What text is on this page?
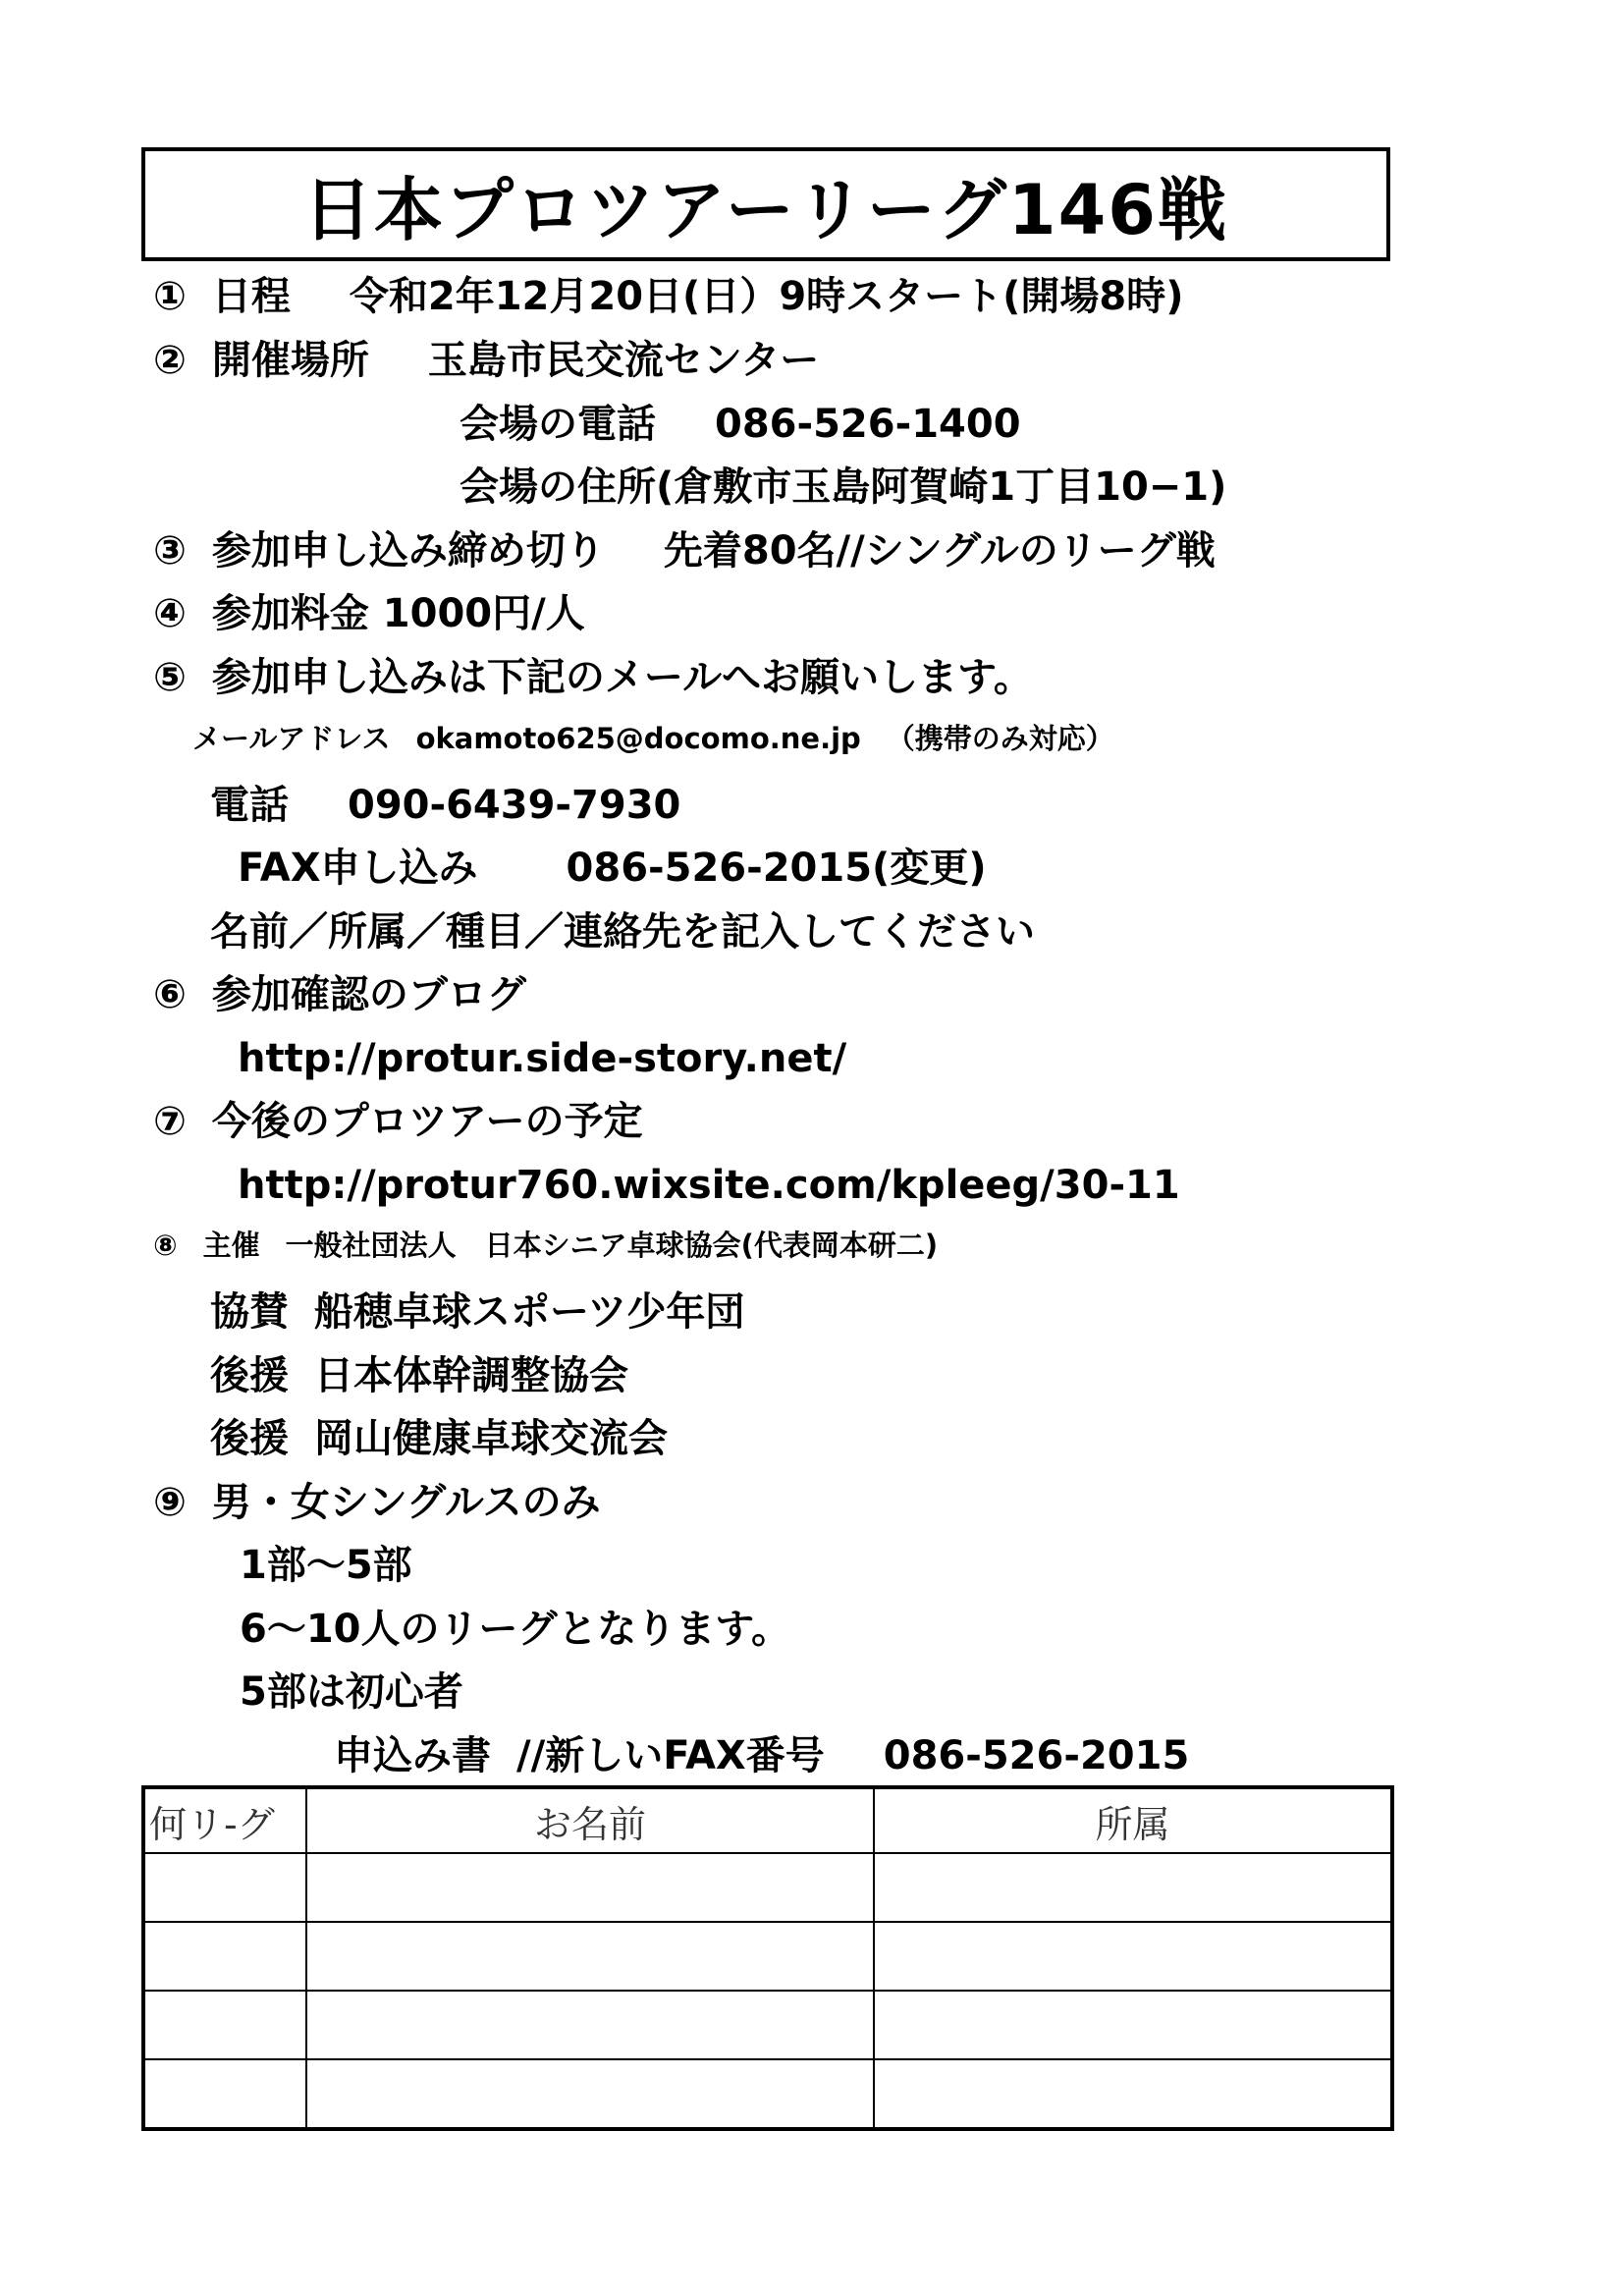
日本プロツアーリーグ146戦
① 日程 令和2年12月20日(日）9時スタート(開場8時)
② 開催場所 玉島市民交流センター
会場の電話 086-526-1400
会場の住所(倉敷市玉島阿賀崎1丁目10−1)
③ 参加申し込み締め切り 先着80名//シングルのリーグ戦
④ 参加料金 1000円/人
⑤ 参加申し込みは下記のメールへお願いします。
メールアドレス okamoto625@docomo.ne.jp （携帯のみ対応）
電話 090-6439-7930
FAX申し込み 086-526-2015(変更)
名前／所属／種目／連絡先を記入してください
⑥ 参加確認のブログ
http://protur.side-story.net/
⑦ 今後のプロツアーの予定
http://protur760.wixsite.com/kpleeg/30-11
⑧ 主催 一般社団法人　日本シニア卓球協会(代表岡本研二)
協賛 船穂卓球スポーツ少年団
後援 日本体幹調整協会
後援 岡山健康卓球交流会
⑨ 男・女シングルスのみ
1部～5部
6～10人のリーグとなります。
5部は初心者
申込み書 //新しいFAX番号 086-526-2015
何リ-グ	お名前	所属
